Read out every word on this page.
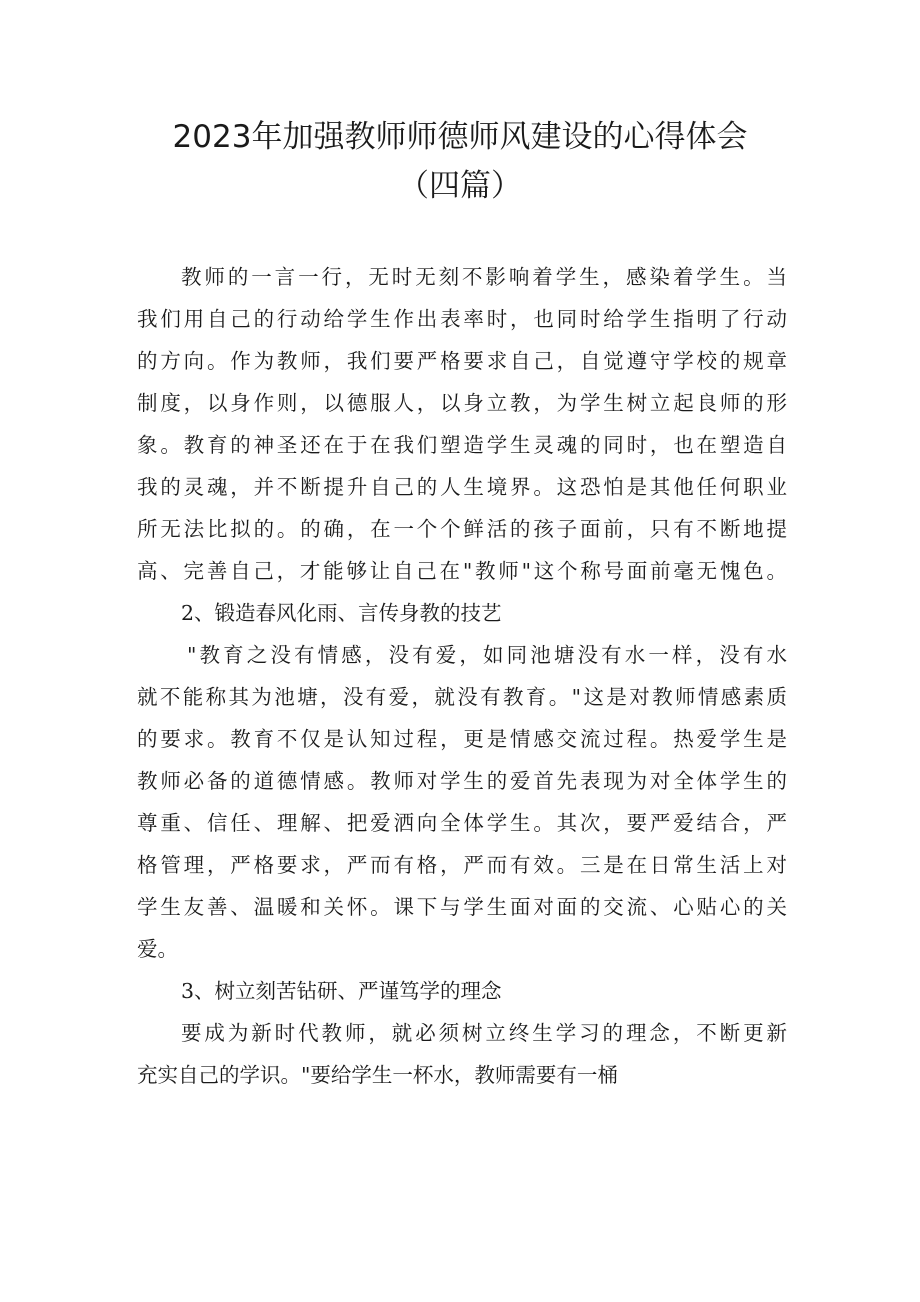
2023年加强教师师德师风建设的心得体会
（四篇）
教师的一言一行，无时无刻不影响着学生，感染着学生。当
我们用自己的行动给学生作出表率时，也同时给学生指明了行动
的方向。作为教师，我们要严格要求自己，自觉遵守学校的规章
制度，以身作则，以德服人，以身立教，为学生树立起良师的形
象。教育的神圣还在于在我们塑造学生灵魂的同时，也在塑造自
我的灵魂，并不断提升自己的人生境界。这恐怕是其他任何职业
所无法比拟的。的确，在一个个鲜活的孩子面前，只有不断地提
高、完善自己，才能够让自己在"教师"这个称号面前毫无愧色。
2、锻造春风化雨、言传身教的技艺
"教育之没有情感，没有爱，如同池塘没有水一样，没有水
就不能称其为池塘，没有爱，就没有教育。"这是对教师情感素质
的要求。教育不仅是认知过程，更是情感交流过程。热爱学生是
教师必备的道德情感。教师对学生的爱首先表现为对全体学生的
尊重、信任、理解、把爱洒向全体学生。其次，要严爱结合，严
格管理，严格要求，严而有格，严而有效。三是在日常生活上对
学生友善、温暖和关怀。课下与学生面对面的交流、心贴心的关
爱。
3、树立刻苦钻研、严谨笃学的理念
要成为新时代教师，就必须树立终生学习的理念，不断更新
充实自己的学识。"要给学生一杯水，教师需要有一桶
